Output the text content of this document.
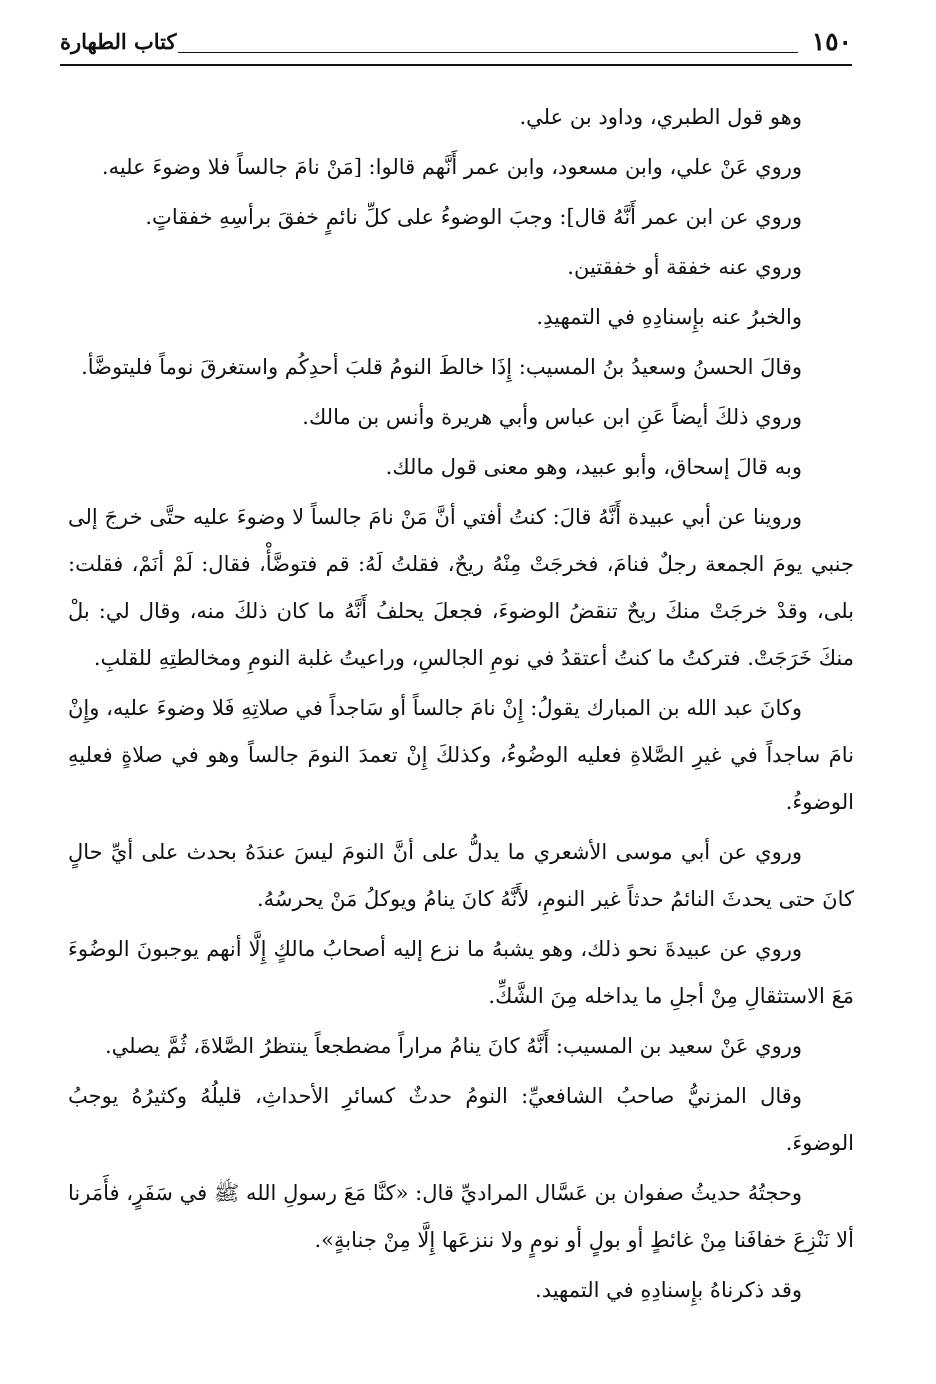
١٥٠
كتاب الطهارة

وهو قول الطبري، وداود بن علي.

وروي عَنْ علي، وابن مسعود، وابن عمر أَنَّهم قالوا: [مَنْ نامَ جالساً فلا وضوءَ عليه.

وروي عن ابن عمر أَنَّهُ قال]: وجبَ الوضوءُ على كلِّ نائمٍ خفقَ برأسِهِ خفقاتٍ.

وروي عنه خفقة أو خفقتين.

والخبرُ عنه بإِسنادِهِ في التمهيدِ.

وقالَ الحسنُ وسعيدُ بنُ المسيب: إِذَا خالطَ النومُ قلبَ أحدِكُم واستغرقَ نوماً فليتوضَّأ.

وروي ذلكَ أيضاً عَنِ ابن عباس وأبي هريرة وأنس بن مالك.

وبه قالَ إسحاق، وأبو عبيد، وهو معنى قول مالك.

وروينا عن أبي عبيدة أَنَّهُ قالَ: كنتُ أفتي أنَّ مَنْ نامَ جالساً لا وضوءَ عليه حتَّى خرجَ إلى جنبي يومَ الجمعة رجلٌ فنامَ، فخرجَتْ مِنْهُ ريحٌ، فقلتُ لَهُ: قم فتوضَّأْ، فقال: لَمْ أنَمْ، فقلت: بلى، وقدْ خرجَتْ منكَ ريحٌ تنقضُ الوضوءَ، فجعلَ يحلفُ أَنَّهُ ما كان ذلكَ منه، وقال لي: بلْ منكَ خَرَجَتْ. فتركتُ ما كنتُ أعتقدُ في نومِ الجالسِ، وراعيتُ غلبة النومِ ومخالطتِهِ للقلبِ.

وكانَ عبد الله بن المبارك يقولُ: إِنْ نامَ جالساً أو سَاجداً في صلاتِهِ فَلا وضوءَ عليه، وإِنْ نامَ ساجداً في غيرِ الصَّلاةِ فعليه الوضُوءُ، وكذلكَ إِنْ تعمدَ النومَ جالساً وهو في صلاةٍ فعليهِ الوضوءُ.

وروي عن أبي موسى الأشعري ما يدلُّ على أنَّ النومَ ليسَ عندَهُ بحدث على أيِّ حالٍ كانَ حتى يحدثَ النائمُ حدثاً غير النومِ، لأَنَّهُ كانَ ينامُ ويوكلُ مَنْ يحرسُهُ.

وروي عن عبيدةَ نحو ذلك، وهو يشبهُ ما نزع إليه أصحابُ مالكٍ إِلَّا أنهم يوجبونَ الوضُوءَ مَعَ الاستثقالِ مِنْ أجلِ ما يداخله مِنَ الشَّكِّ.

وروي عَنْ سعيد بن المسيب: أَنَّهُ كانَ ينامُ مراراً مضطجعاً ينتظرُ الصَّلاةَ، ثُمَّ يصلي.

وقال المزنيُّ صاحبُ الشافعيِّ: النومُ حدثٌ كسائرِ الأحداثِ، قليلُهُ وكثيرُهُ يوجبُ الوضوءَ.

وحجتُهُ حديثُ صفوان بن عَسَّال المراديِّ قال: «كنَّا مَعَ رسولِ الله ﷺ في سَفَرٍ، فأَمَرنا ألا نَنْزِعَ خفافَنا مِنْ غائطٍ أو بولٍ أو نومٍ ولا ننزعَها إِلَّا مِنْ جنابةٍ».

وقد ذكرناهُ بإِسنادِهِ في التمهيد.
